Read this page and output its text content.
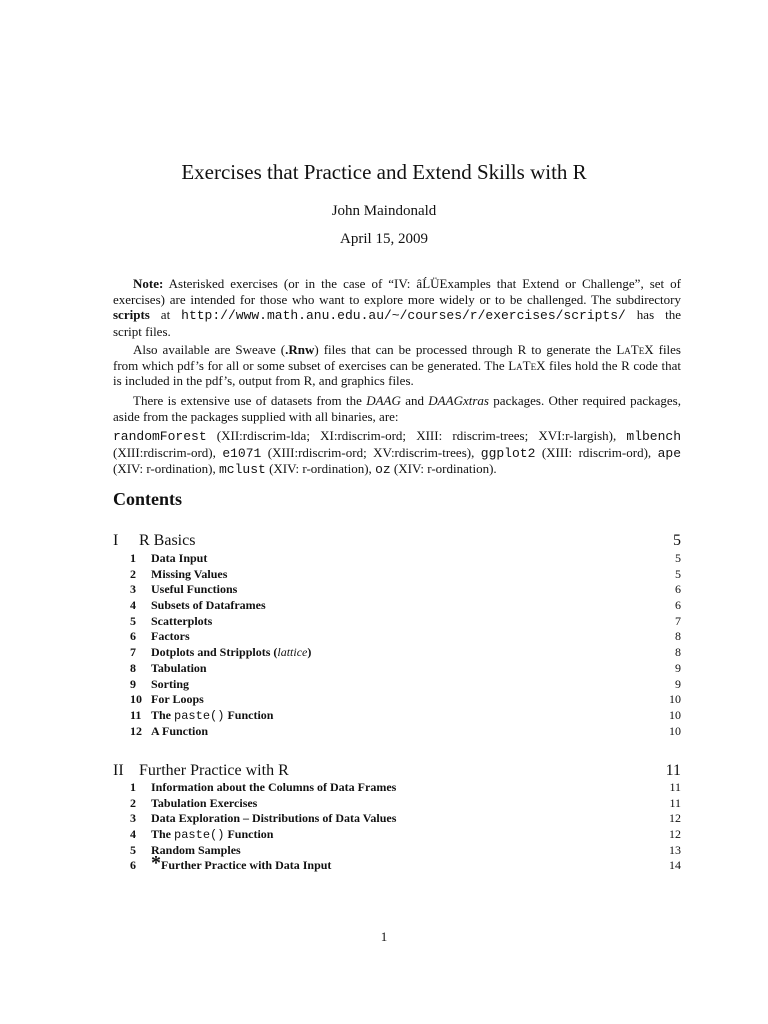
Exercises that Practice and Extend Skills with R
John Maindonald
April 15, 2009
Note: Asterisked exercises (or in the case of “IV: âĹÜExamples that Extend or Challenge”, set of exercises) are intended for those who want to explore more widely or to be challenged. The subdirectory scripts at http://www.math.anu.edu.au/~/courses/r/exercises/scripts/ has the script files.
Also available are Sweave (.Rnw) files that can be processed through R to generate the LaTeX files from which pdf’s for all or some subset of exercises can be generated. The LaTeX files hold the R code that is included in the pdf’s, output from R, and graphics files.
There is extensive use of datasets from the DAAG and DAAGxtras packages. Other required packages, aside from the packages supplied with all binaries, are:
randomForest (XII:rdiscrim-lda; XI:rdiscrim-ord; XIII: rdiscrim-trees; XVI:r-largish), mlbench (XIII:rdiscrim-ord), e1071 (XIII:rdiscrim-ord; XV:rdiscrim-trees), ggplot2 (XIII: rdiscrim-ord), ape (XIV: r-ordination), mclust (XIV: r-ordination), oz (XIV: r-ordination).
Contents
I R Basics	5
1 Data Input	5
2 Missing Values	5
3 Useful Functions	6
4 Subsets of Dataframes	6
5 Scatterplots	7
6 Factors	8
7 Dotplots and Stripplots (lattice)	8
8 Tabulation	9
9 Sorting	9
10 For Loops	10
11 The paste() Function	10
12 A Function	10
II Further Practice with R	11
1 Information about the Columns of Data Frames	11
2 Tabulation Exercises	11
3 Data Exploration – Distributions of Data Values	12
4 The paste() Function	12
5 Random Samples	13
6 *Further Practice with Data Input	14
1
